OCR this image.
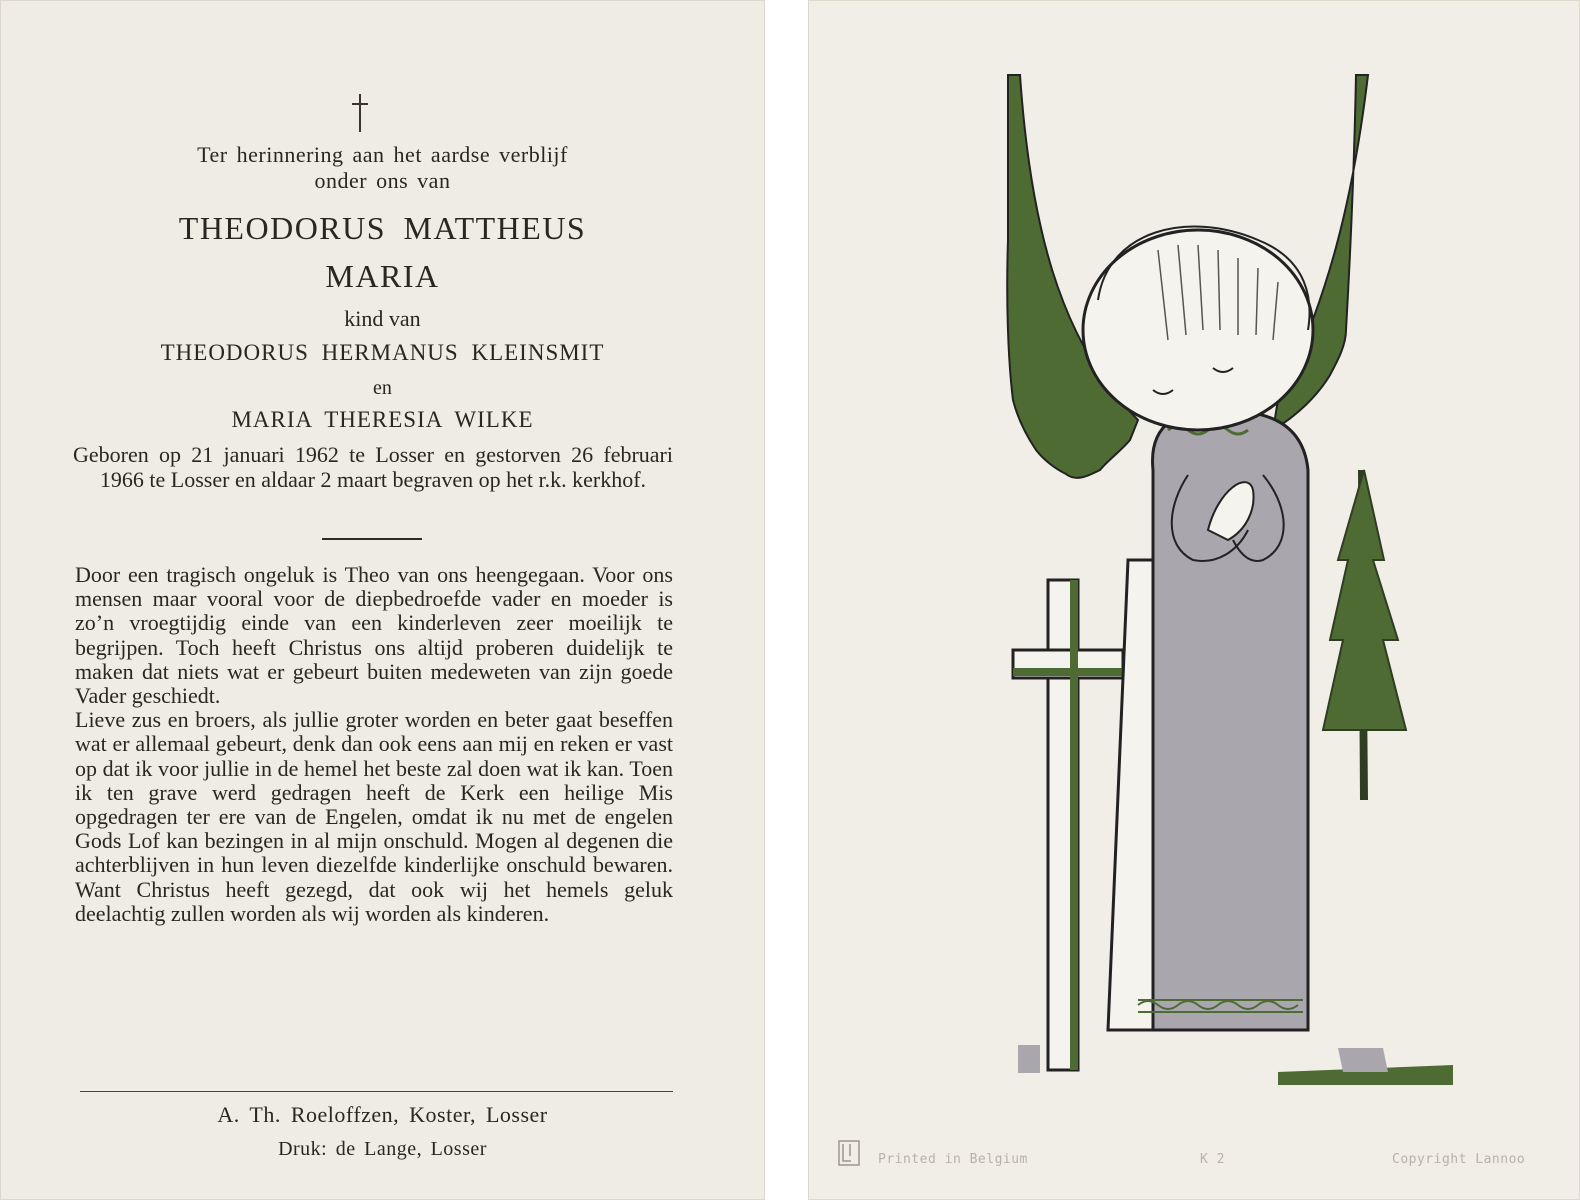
Ter herinnering aan het aardse verblijf
onder ons van
THEODORUS MATTHEUS
MARIA
kind van
THEODORUS HERMANUS KLEINSMIT
en
MARIA THERESIA WILKE
Geboren op 21 januari 1962 te Losser en gestorven 26 februari 1966 te Losser en aldaar 2 maart begraven op het r.k. kerkhof.

Door een tragisch ongeluk is Theo van ons heengegaan. Voor ons mensen maar vooral voor de diepbedroefde vader en moeder is zo’n vroegtijdig einde van een kinderleven zeer moeilijk te begrijpen. Toch heeft Christus ons altijd proberen duidelijk te maken dat niets wat er gebeurt buiten medeweten van zijn goede Vader geschiedt.

Lieve zus en broers, als jullie groter worden en beter gaat beseffen wat er allemaal gebeurt, denk dan ook eens aan mij en reken er vast op dat ik voor jullie in de hemel het beste zal doen wat ik kan. Toen ik ten grave werd gedragen heeft de Kerk een heilige Mis opgedragen ter ere van de Engelen, omdat ik nu met de engelen Gods Lof kan bezingen in al mijn onschuld. Mogen al degenen die achterblijven in hun leven diezelfde kinderlijke onschuld bewaren. Want Christus heeft gezegd, dat ook wij het hemels geluk deelachtig zullen worden als wij worden als kinderen.

A. Th. Roeloffzen, Koster, Losser
Druk: de Lange, Losser	Printed in Belgium	K 2	Copyright Lannoo
